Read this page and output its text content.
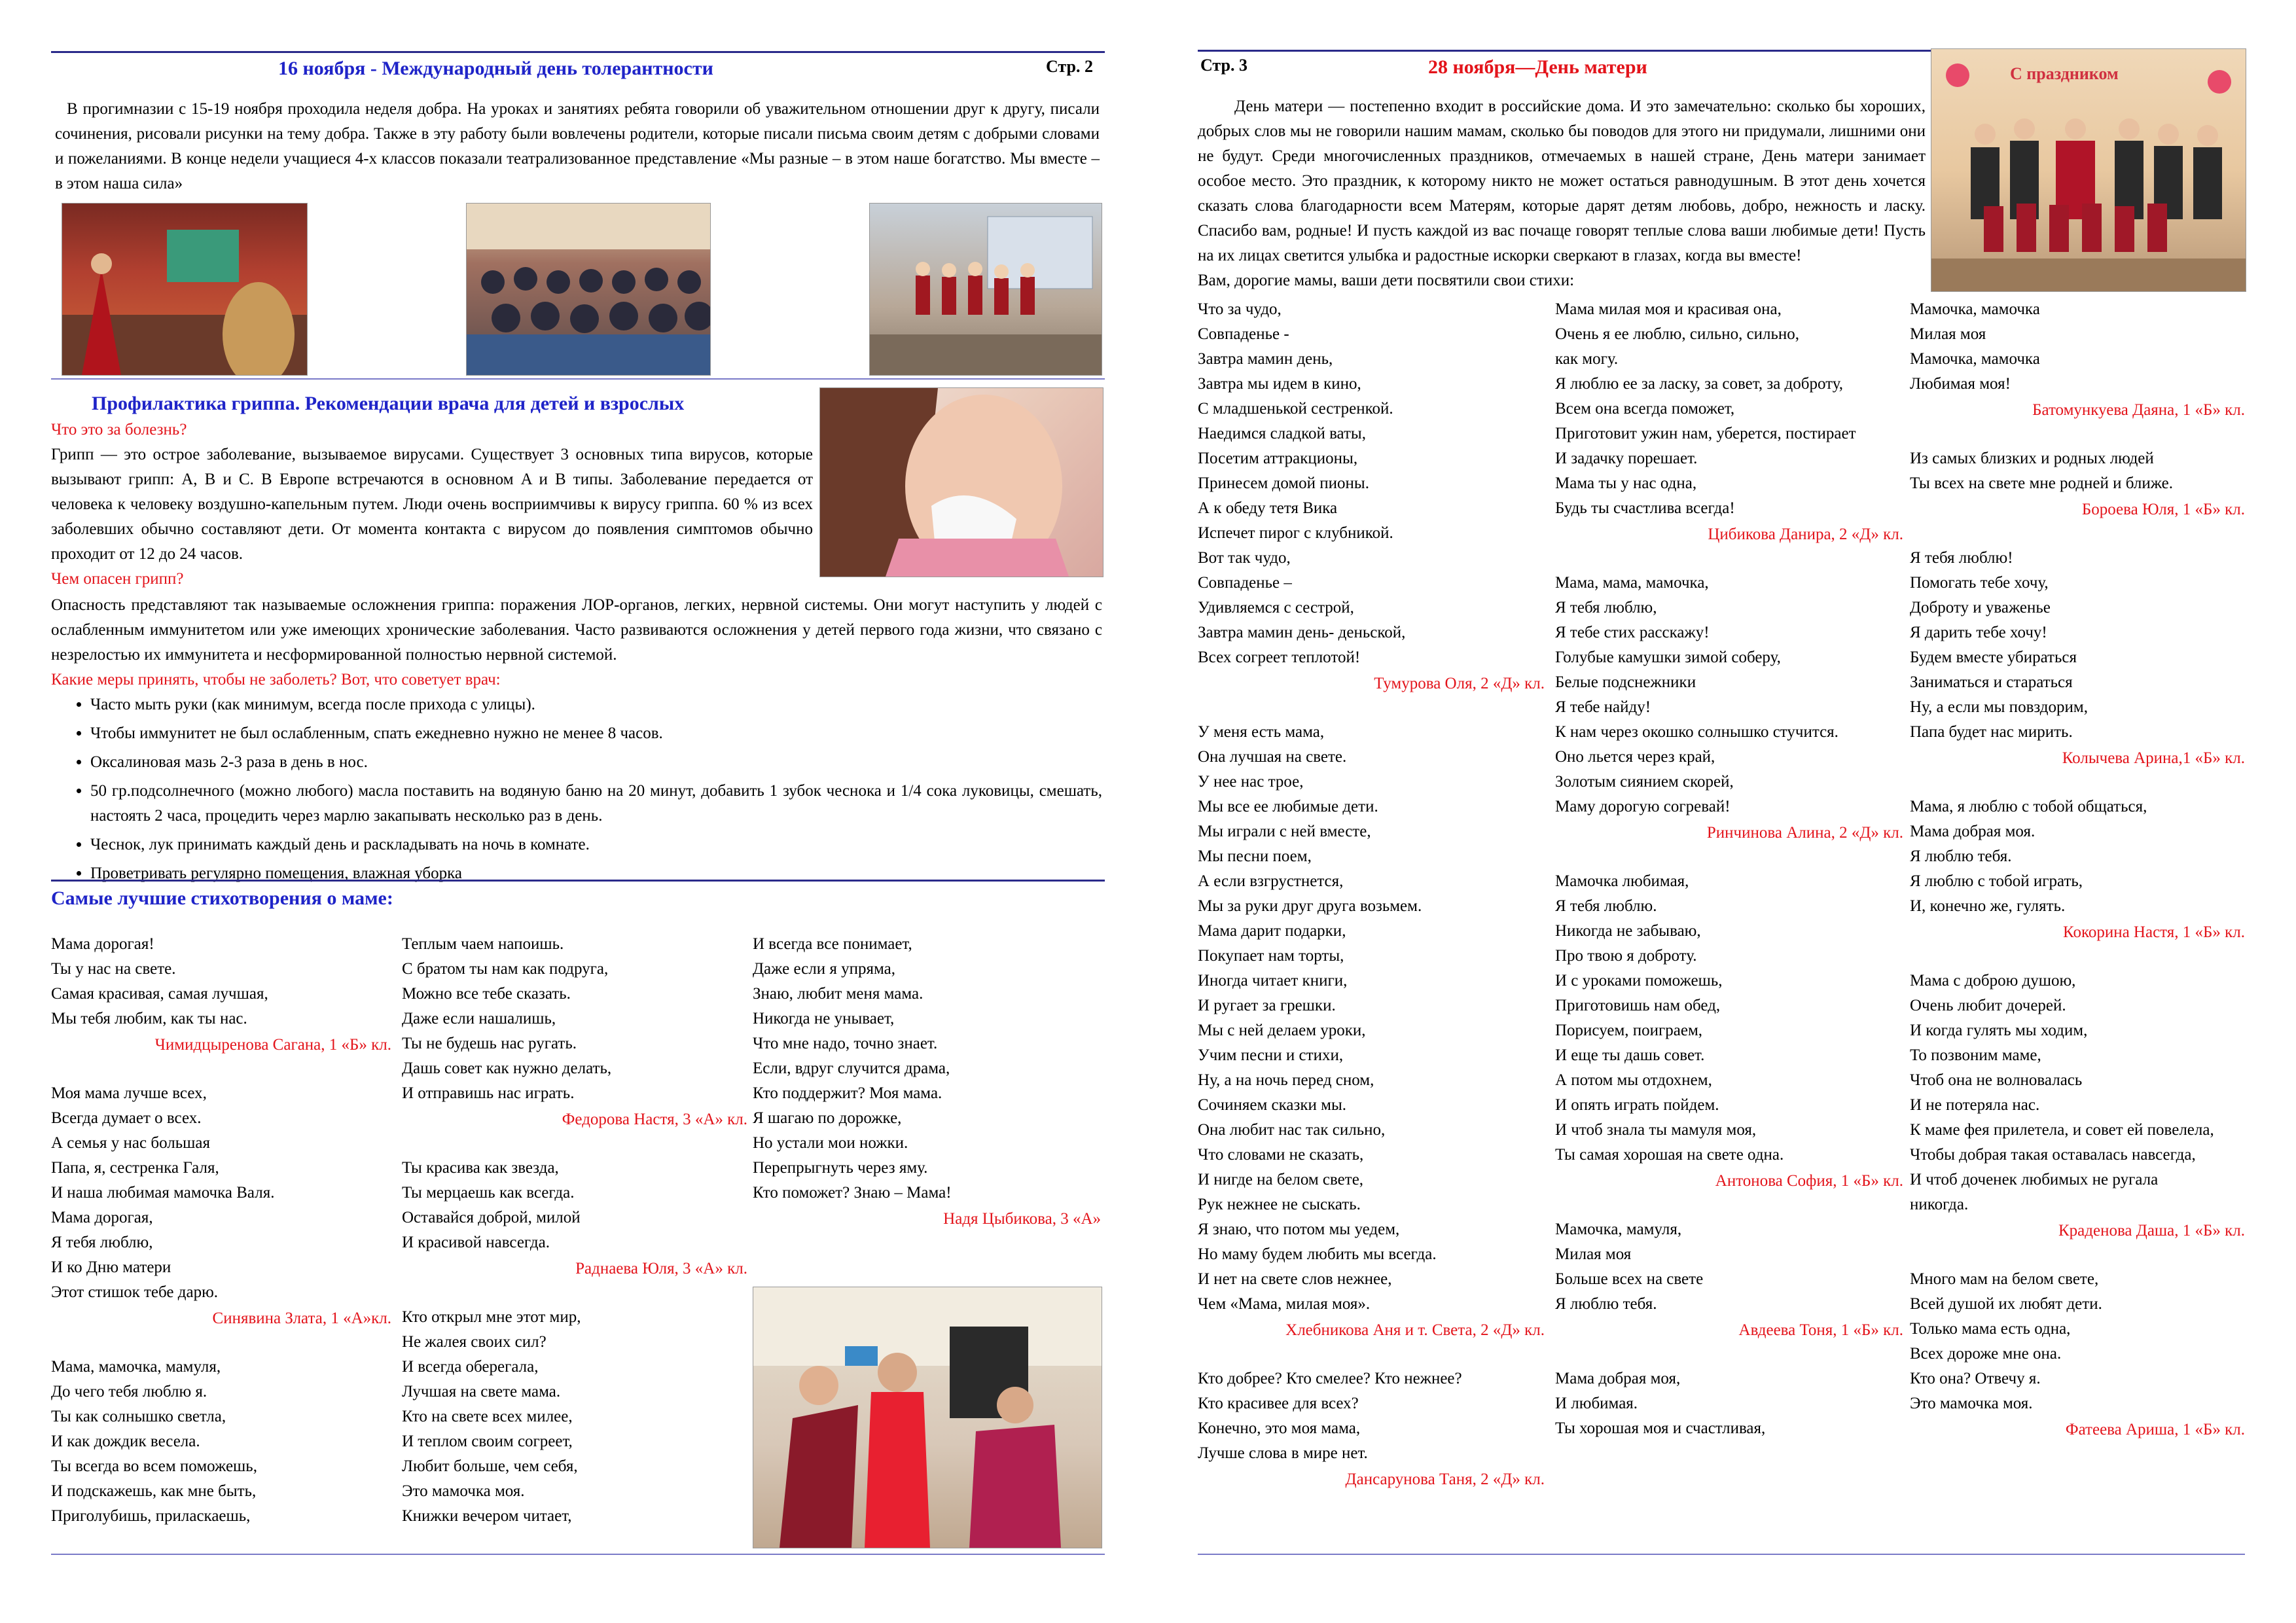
16 ноября - Международный день толерантности	Стр. 2

В прогимназии с 15-19 ноября проходила неделя добра. На уроках и занятиях ребята говорили об уважительном отношении друг к другу, писали сочинения, рисовали рисунки на тему добра. Также в эту работу были вовлечены родители, которые писали письма своим детям с добрыми словами и пожеланиями. В конце недели учащиеся 4-х классов показали театрализованное представление «Мы разные – в этом наше богатство. Мы вместе – в этом наша сила»

Профилактика гриппа. Рекомендации врача для детей и взрослых
Что это за болезнь?

Грипп — это острое заболевание, вызываемое вирусами. Существует 3 основных типа вирусов, которые вызывают грипп: A, B и C. В Европе встречаются в основном A и B типы. Заболевание передается от человека к человеку воздушно-капельным путем. Люди очень восприимчивы к вирусу гриппа. 60 % из всех заболевших обычно составляют дети. От момента контакта с вирусом до появления симптомов обычно проходит от 12 до 24 часов.

Чем опасен грипп?

Опасность представляют так называемые осложнения гриппа: поражения ЛОР-органов, легких, нервной системы. Они могут наступить у людей с ослабленным иммунитетом или уже имеющих хронические заболевания. Часто развиваются осложнения у детей первого года жизни, что связано с незрелостью их иммунитета и несформированной полностью нервной системой.

Какие меры принять, чтобы не заболеть? Вот, что советует врач:
• Часто мыть руки (как минимум, всегда после прихода с улицы).
• Чтобы иммунитет не был ослабленным, спать ежедневно нужно не менее 8 часов.
• Оксалиновая мазь 2-3 раза в день в нос.
• 50 гр.подсолнечного (можно любого) масла поставить на водяную баню на 20 минут, добавить 1 зубок чеснока и 1/4 сока луковицы, смешать, настоять 2 часа, процедить через марлю закапывать несколько раз в день.
• Чеснок, лук принимать каждый день и раскладывать на ночь в комнате.
• Проветривать регулярно помещения, влажная уборка
Самые лучшие стихотворения о маме:
Мама дорогая!
Ты у нас на свете.
Самая красивая, самая лучшая,
Мы тебя любим, как ты нас.
Чимидцыренова Сагана, 1 «Б» кл.
Моя мама лучше всех,
Всегда думает о всех.
А семья у нас большая
Папа, я, сестренка Галя,
И наша любимая мамочка Валя.
Мама дорогая,
Я тебя люблю,
И ко Дню матери
Этот стишок тебе дарю.
Синявина Злата, 1 «А»кл.
Мама, мамочка, мамуля,
До чего тебя люблю я.
Ты как солнышко светла,
И как дождик весела.
Ты всегда во всем поможешь,
И подскажешь, как мне быть,
Приголубишь, приласкаешь,
Теплым чаем напоишь.
С братом ты нам как подруга,
Можно все тебе сказать.
Даже если нашалишь,
Ты не будешь нас ругать.
Дашь совет как нужно делать,
И отправишь нас играть.
Федорова Настя, 3 «А» кл.
Ты красива как звезда,
Ты мерцаешь как всегда.
Оставайся доброй, милой
И красивой навсегда.
Раднаева Юля, 3 «А» кл.
Кто открыл мне этот мир,
Не жалея своих сил?
И всегда оберегала,
Лучшая на свете мама.
Кто на свете всех милее,
И теплом своим согреет,
Любит больше, чем себя,
Это мамочка моя.
Книжки вечером читает,
И всегда все понимает,
Даже если я упряма,
Знаю, любит меня мама.
Никогда не унывает,
Что мне надо, точно знает.
Если, вдруг случится драма,
Кто поддержит? Моя мама.
Я шагаю по дорожке,
Но устали мои ножки.
Перепрыгнуть через яму.
Кто поможет? Знаю – Мама!
Надя Цыбикова, 3 «А»
Стр. 3	28 ноября—День матери	С праздником

День матери — постепенно входит в российские дома. И это замечательно: сколько бы хороших, добрых слов мы не говорили нашим мамам, сколько бы поводов для этого ни придумали, лишними они не будут. Среди многочисленных праздников, отмечаемых в нашей стране, День матери занимает особое место. Это праздник, к которому никто не может остаться равнодушным. В этот день хочется сказать слова благодарности всем Матерям, которые дарят детям любовь, добро, нежность и ласку. Спасибо вам, родные! И пусть каждой из вас почаще говорят теплые слова ваши любимые дети! Пусть на их лицах светится улыбка и радостные искорки сверкают в глазах, когда вы вместе!

Вам, дорогие мамы, ваши дети посвятили свои стихи:

Что за чудо,
Совпаденье -
Завтра мамин день,
Завтра мы идем в кино,
С младшенькой сестренкой.
Наедимся сладкой ваты,
Посетим аттракционы,
Принесем домой пионы.
А к обеду тетя Вика
Испечет пирог с клубникой.
Вот так чудо,
Совпаденье –
Удивляемся с сестрой,
Завтра мамин день- деньской,
Всех согреет теплотой!
Тумурова Оля, 2 «Д» кл.
У меня есть мама,
Она лучшая на свете.
У нее нас трое,
Мы все ее любимые дети.
Мы играли с ней вместе,
Мы песни поем,
А если взгрустнется,
Мы за руки друг друга возьмем.
Мама дарит подарки,
Покупает нам торты,
Иногда читает книги,
И ругает за грешки.
Мы с ней делаем уроки,
Учим песни и стихи,
Ну, а на ночь перед сном,
Сочиняем сказки мы.
Она любит нас так сильно,
Что словами не сказать,
И нигде на белом свете,
Рук нежнее не сыскать.
Я знаю, что потом мы уедем,
Но маму будем любить мы всегда.
И нет на свете слов нежнее,
Чем «Мама, милая моя».
Хлебникова Аня и т. Света, 2 «Д» кл.
Кто добрее? Кто смелее? Кто нежнее?
Кто красивее для всех?
Конечно, это моя мама,
Лучше слова в мире нет.
Дансарунова Таня, 2 «Д» кл.
Мама милая моя и красивая она,
Очень я ее люблю, сильно, сильно,
как могу.
Я люблю ее за ласку, за совет, за доброту,
Всем она всегда поможет,
Приготовит ужин нам, уберется, постирает
И задачку порешает.
Мама ты у нас одна,
Будь ты счастлива всегда!
Цибикова Данира, 2 «Д» кл.
Мама, мама, мамочка,
Я тебя люблю,
Я тебе стих расскажу!
Голубые камушки зимой соберу,
Белые подснежники
Я тебе найду!
К нам через окошко солнышко стучится.
Оно льется через край,
Золотым сиянием скорей,
Маму дорогую согревай!
Ринчинова Алина, 2 «Д» кл.
Мамочка любимая,
Я тебя люблю.
Никогда не забываю,
Про твою я доброту.
И с уроками поможешь,
Приготовишь нам обед,
Порисуем, поиграем,
И еще ты дашь совет.
А потом мы отдохнем,
И опять играть пойдем.
И чтоб знала ты мамуля моя,
Ты самая хорошая на свете одна.
Антонова София, 1 «Б» кл.
Мамочка, мамуля,
Милая моя
Больше всех на свете
Я люблю тебя.
Авдеева Тоня, 1 «Б» кл.
Мама добрая моя,
И любимая.
Ты хорошая моя и счастливая,
Мамочка, мамочка
Милая моя
Мамочка, мамочка
Любимая моя!
Батомункуева Даяна, 1 «Б» кл.
Из самых близких и родных людей
Ты всех на свете мне родней и ближе.
Бороева Юля, 1 «Б» кл.
Я тебя люблю!
Помогать тебе хочу,
Доброту и уваженье
Я дарить тебе хочу!
Будем вместе убираться
Заниматься и стараться
Ну, а если мы повздорим,
Папа будет нас мирить.
Колычева Арина,1 «Б» кл.
Мама, я люблю с тобой общаться,
Мама добрая моя.
Я люблю тебя.
Я люблю с тобой играть,
И, конечно же, гулять.
Кокорина Настя, 1 «Б» кл.
Мама с доброю душою,
Очень любит дочерей.
И когда гулять мы ходим,
То позвоним маме,
Чтоб она не волновалась
И не потеряла нас.
К маме фея прилетела, и совет ей повелела,
Чтобы добрая такая оставалась навсегда,
И чтоб доченек любимых не ругала
никогда.
Кpаденова Даша, 1 «Б» кл.
Много мам на белом свете,
Всей душой их любят дети.
Только мама есть одна,
Всех дороже мне она.
Кто она? Отвечу я.
Это мамочка моя.
Фатеева Ариша, 1 «Б» кл.
